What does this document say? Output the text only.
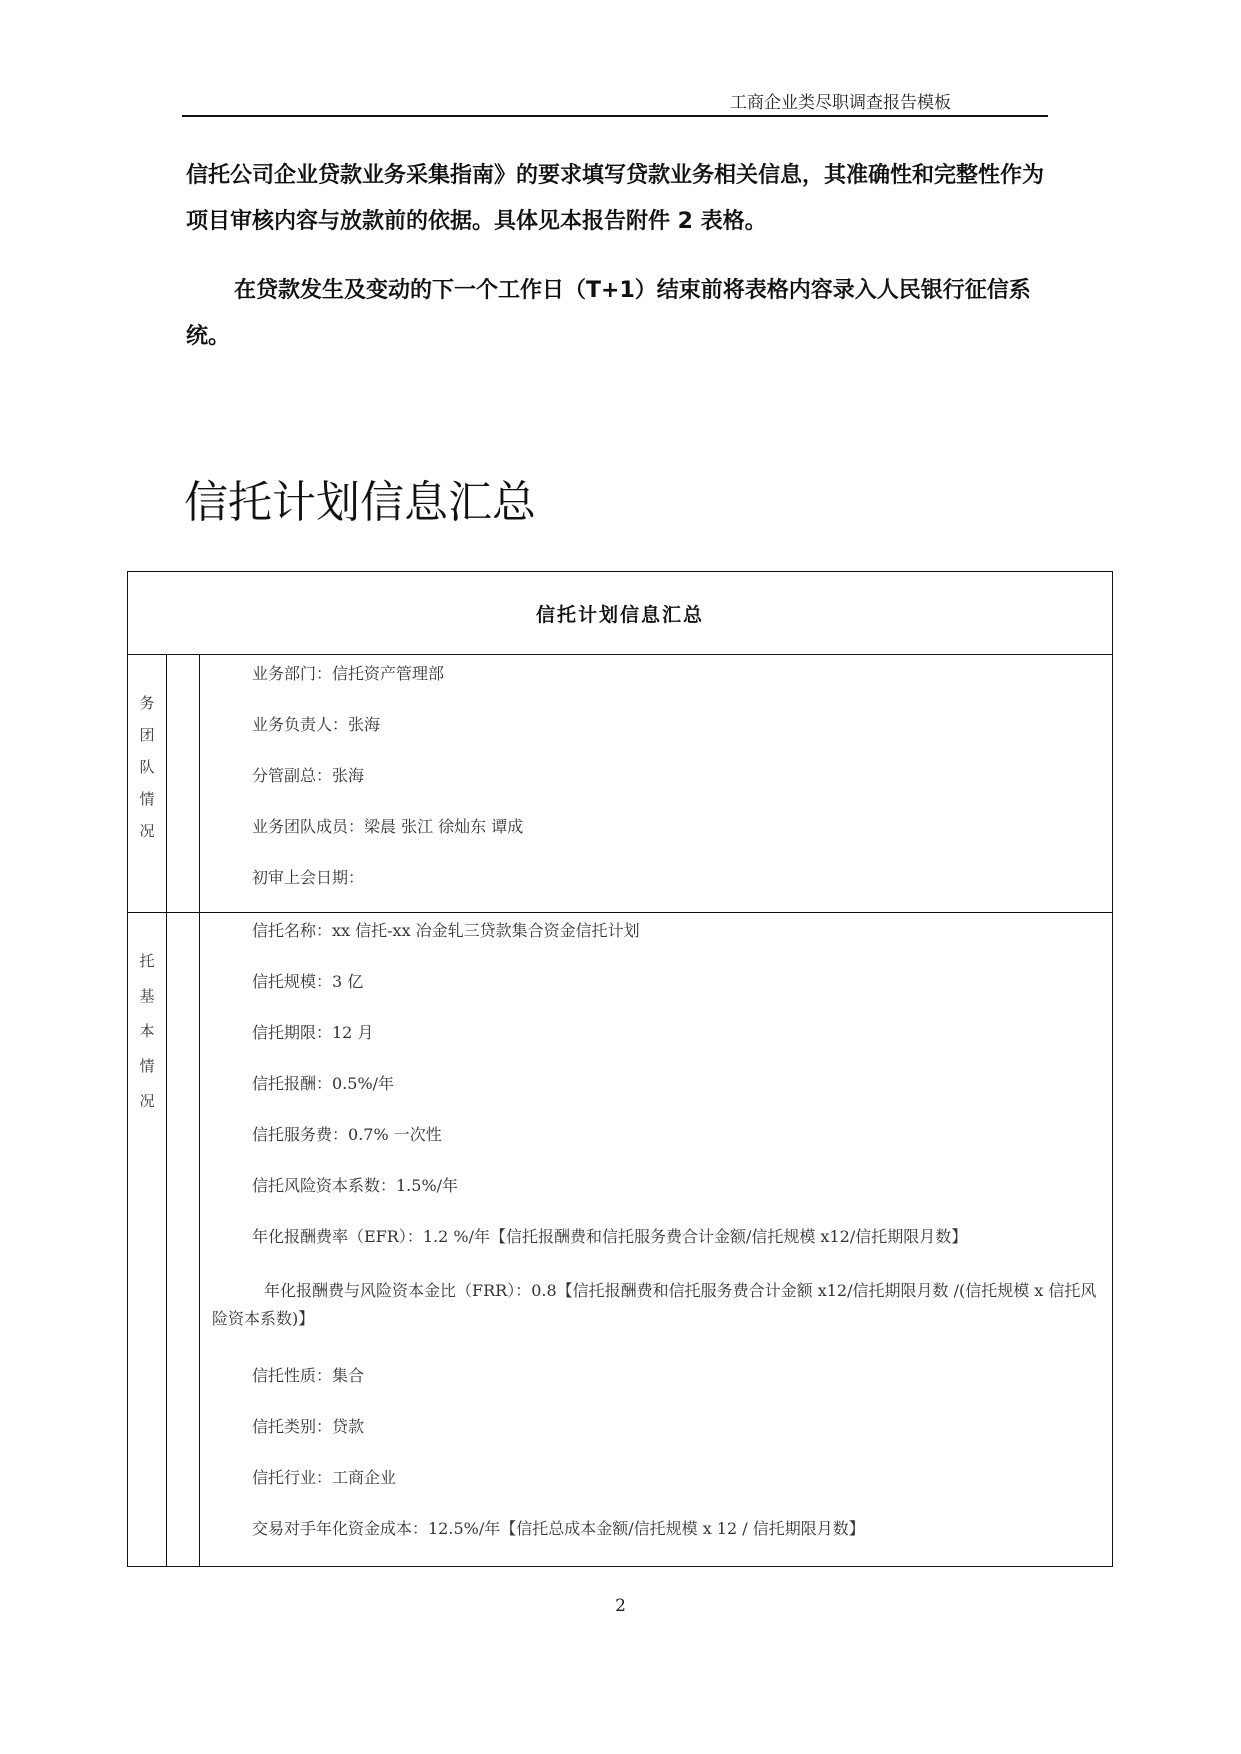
工商企业类尽职调查报告模板

信托公司企业贷款业务采集指南》的要求填写贷款业务相关信息，其准确性和完整性作为项目审核内容与放款前的依据。具体见本报告附件 2 表格。

在贷款发生及变动的下一个工作日（T+1）结束前将表格内容录入人民银行征信系统。

信托计划信息汇总
信托计划信息汇总
务
团
队
情
况
业务部门：信托资产管理部
业务负责人：张海
分管副总：张海
业务团队成员：梁晨 张江 徐灿东 谭成
初审上会日期：
托
基
本
情
况
信托名称：xx 信托-xx 冶金轧三贷款集合资金信托计划
信托规模：3 亿
信托期限：12 月
信托报酬：0.5%/年
信托服务费：0.7% 一次性
信托风险资本系数：1.5%/年
年化报酬费率（EFR）：1.2 %/年【信托报酬费和信托服务费合计金额/信托规模 x12/信托期限月数】
年化报酬费与风险资本金比（FRR）：0.8【信托报酬费和信托服务费合计金额 x12/信托期限月数 /(信托规模 x 信托风险资本系数)】
信托性质：集合
信托类别：贷款
信托行业：工商企业
交易对手年化资金成本：12.5%/年【信托总成本金额/信托规模 x 12 / 信托期限月数】
2
